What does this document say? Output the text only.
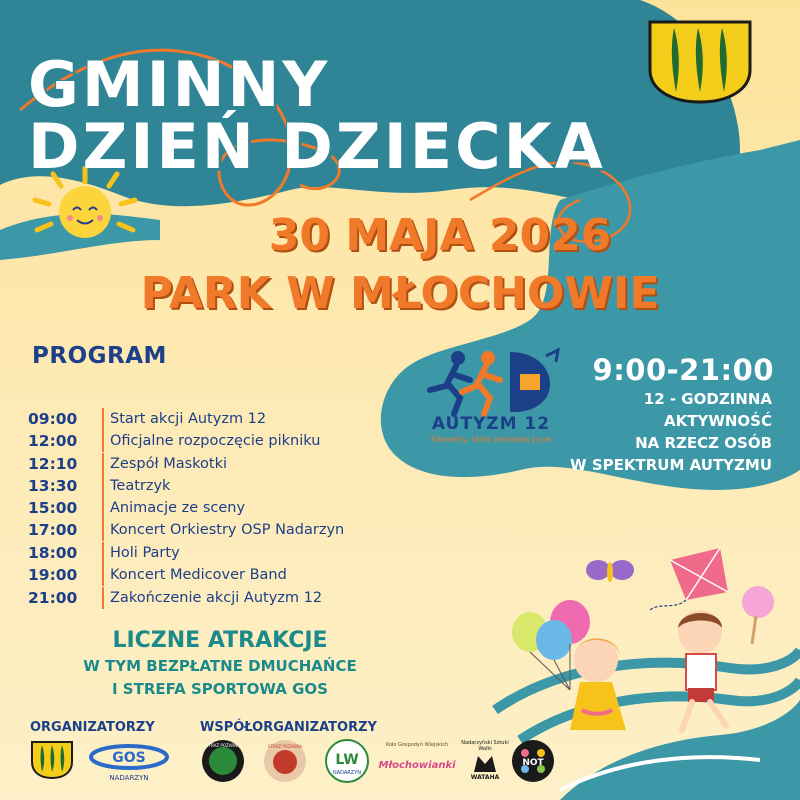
GMINNY
DZIEŃ DZIECKA
30 MAJA 2026
PARK W MŁOCHOWIE
PROGRAM
09:00	Start akcji Autyzm 12
12:00	Oficjalne rozpoczęcie pikniku
12:10	Zespół Maskotki
13:30	Teatrzyk
15:00	Animacje ze sceny
17:00	Koncert Orkiestry OSP Nadarzyn
18:00	Holi Party
19:00	Koncert Medicover Band
21:00	Zakończenie akcji Autyzm 12
AUTYZM 12
Kilometry, które zmieniają życie
9:00-21:00
12 - GODZINNA
AKTYWNOŚĆ
NA RZECZ OSÓB
W SPEKTRUM AUTYZMU
LICZNE ATRAKCJE
W TYM BEZPŁATNE DMUCHAŃCE
I STREFA SPORTOWA GOS
ORGANIZATORZY	WSPÓŁORGANIZATORZY
GOS
NADARZYN
STRAŻ POŻARNA	STRAŻ POŻARNA
LW
NADARZYN
Koło Gospodyń Wiejskich
Młochowianki
Nadarzyński Sztuki Walki
WATAHA
NOT
